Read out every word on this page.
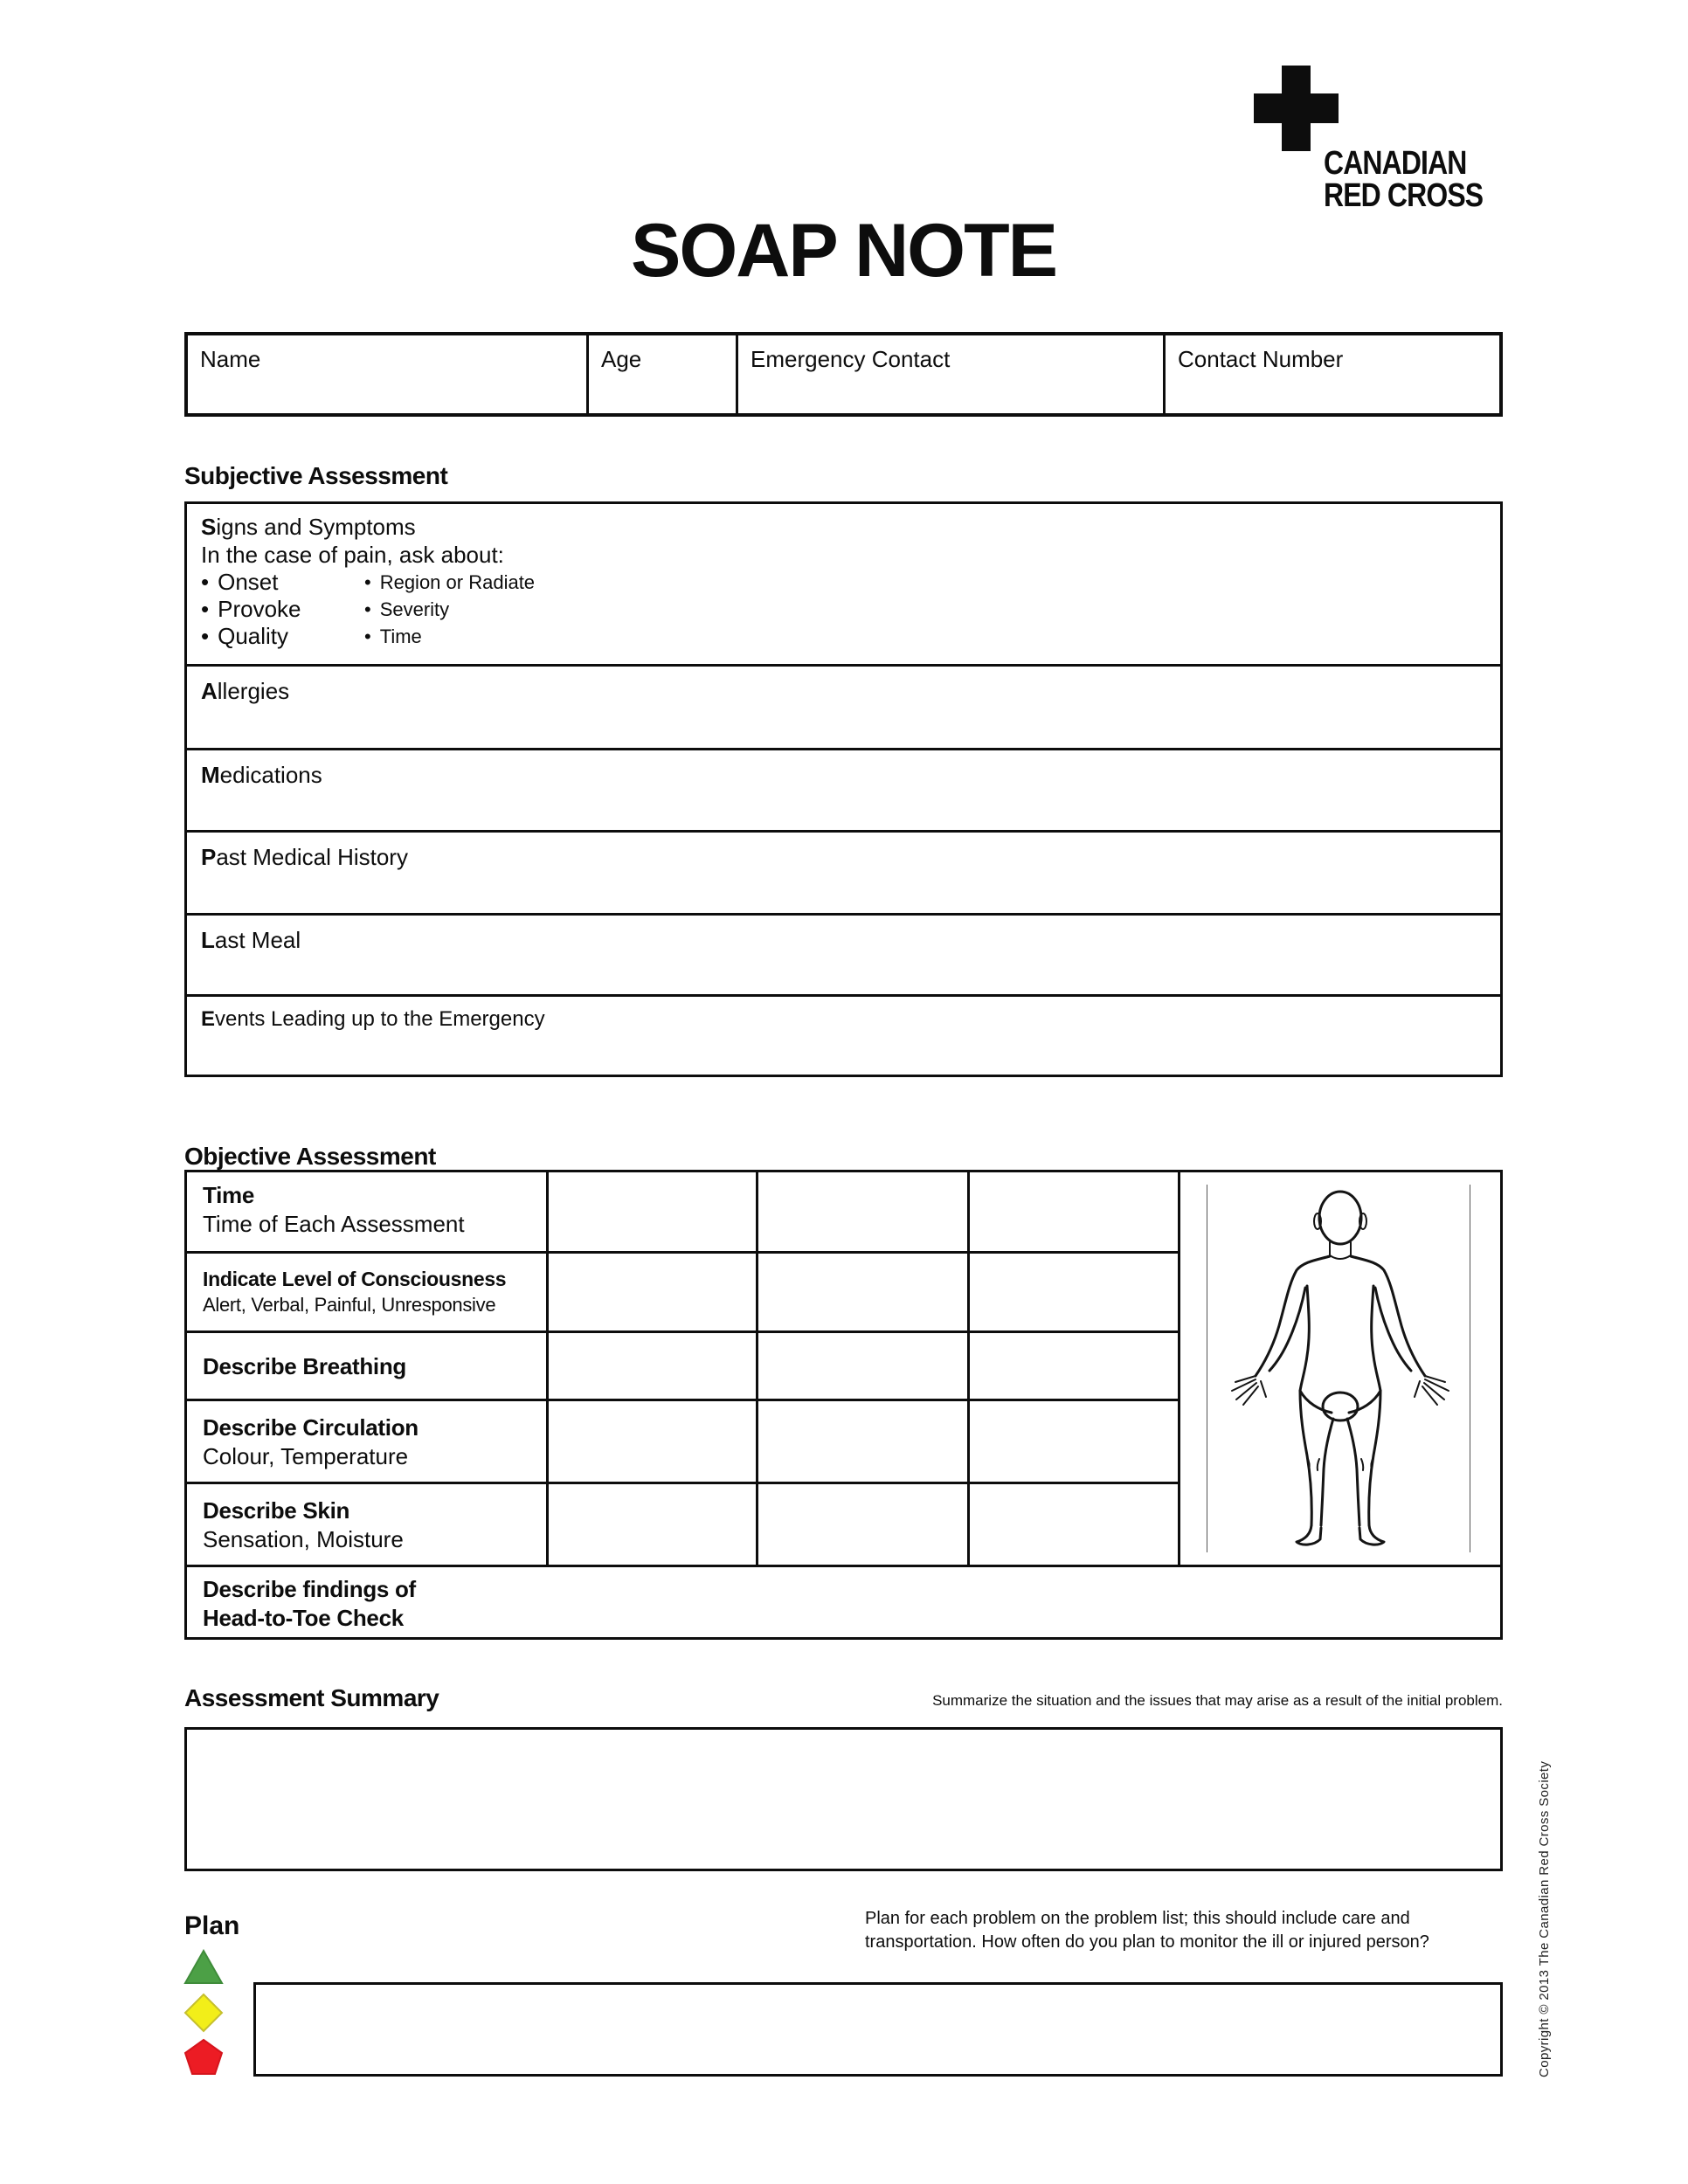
CANADIAN
RED CROSS
SOAP NOTE
Name	Age	Emergency Contact	Contact Number
Subjective Assessment
Signs and Symptoms
In the case of pain, ask about:
• Onset	• Region or Radiate
• Provoke	• Severity
• Quality	• Time
Allergies
Medications
Past Medical History
Last Meal
Events Leading up to the Emergency
Objective Assessment
Time
Time of Each Assessment
Indicate Level of Consciousness
Alert, Verbal, Painful, Unresponsive
Describe Breathing
Describe Circulation
Colour, Temperature
Describe Skin
Sensation, Moisture
Describe findings of
Head-to-Toe Check
Assessment Summary	Summarize the situation and the issues that may arise as a result of the initial problem.
Plan	Plan for each problem on the problem list; this should include care and
transportation. How often do you plan to monitor the ill or injured person?	Copyright © 2013 The Canadian Red Cross Society
